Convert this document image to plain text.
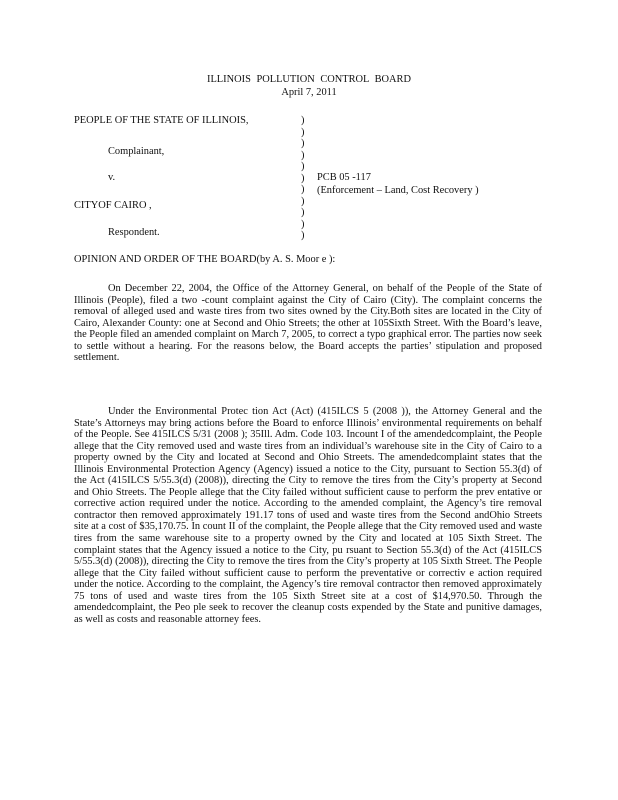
ILLINOIS POLLUTION CONTROL BOARD
April 7, 2011
PEOPLE OF THE STATE OF ILLINOIS,
Complainant,
v.
CITYOF CAIRO ,
Respondent.
)
)
)
)
)
)
)
)
)
)
)
PCB 05 -117
(Enforcement – Land, Cost Recovery )
OPINION AND ORDER OF THE BOARD(by A. S. Moor e ):
On December 22, 2004, the Office of the Attorney General, on behalf of the People of the State of Illinois (People), filed a two -count complaint against the City of Cairo (City). The complaint concerns the removal of alleged used and waste tires from two sites owned by the City.Both sites are located in the City of Cairo, Alexander County: one at Second and Ohio Streets; the other at 105Sixth Street. With the Board’s leave, the People filed an amended complaint on March 7, 2005, to correct a typo graphical error. The parties now seek to settle without a hearing. For the reasons below, the Board accepts the parties’ stipulation and proposed settlement.
Under the Environmental Protec tion Act (Act) (415ILCS 5 (2008 )), the Attorney General and the State’s Attorneys may bring actions before the Board to enforce Illinois’ environmental requirements on behalf of the People. See 415ILCS 5/31 (2008 ); 35Ill. Adm. Code 103. Incount I of the amendedcomplaint, the People allege that the City removed used and waste tires from an individual’s warehouse site in the City of Cairo to a property owned by the City and located at Second and Ohio Streets. The amendedcomplaint states that the Illinois Environmental Protection Agency (Agency) issued a notice to the City, pursuant to Section 55.3(d) of the Act (415ILCS 5/55.3(d) (2008)), directing the City to remove the tires from the City’s property at Second and Ohio Streets. The People allege that the City failed without sufficient cause to perform the prev entative or corrective action required under the notice. According to the amended complaint, the Agency’s tire removal contractor then removed approximately 191.17 tons of used and waste tires from the Second andOhio Streets site at a cost of $35,170.75. In count II of the complaint, the People allege that the City removed used and waste tires from the same warehouse site to a property owned by the City and located at 105 Sixth Street. The complaint states that the Agency issued a notice to the City, pu rsuant to Section 55.3(d) of the Act (415ILCS 5/55.3(d) (2008)), directing the City to remove the tires from the City’s property at 105 Sixth Street. The People allege that the City failed without sufficient cause to perform the preventative or correctiv e action required under the notice. According to the complaint, the Agency’s tire removal contractor then removed approximately 75 tons of used and waste tires from the 105 Sixth Street site at a cost of $14,970.50. Through the amendedcomplaint, the Peo ple seek to recover the cleanup costs expended by the State and punitive damages, as well as costs and reasonable attorney fees.
